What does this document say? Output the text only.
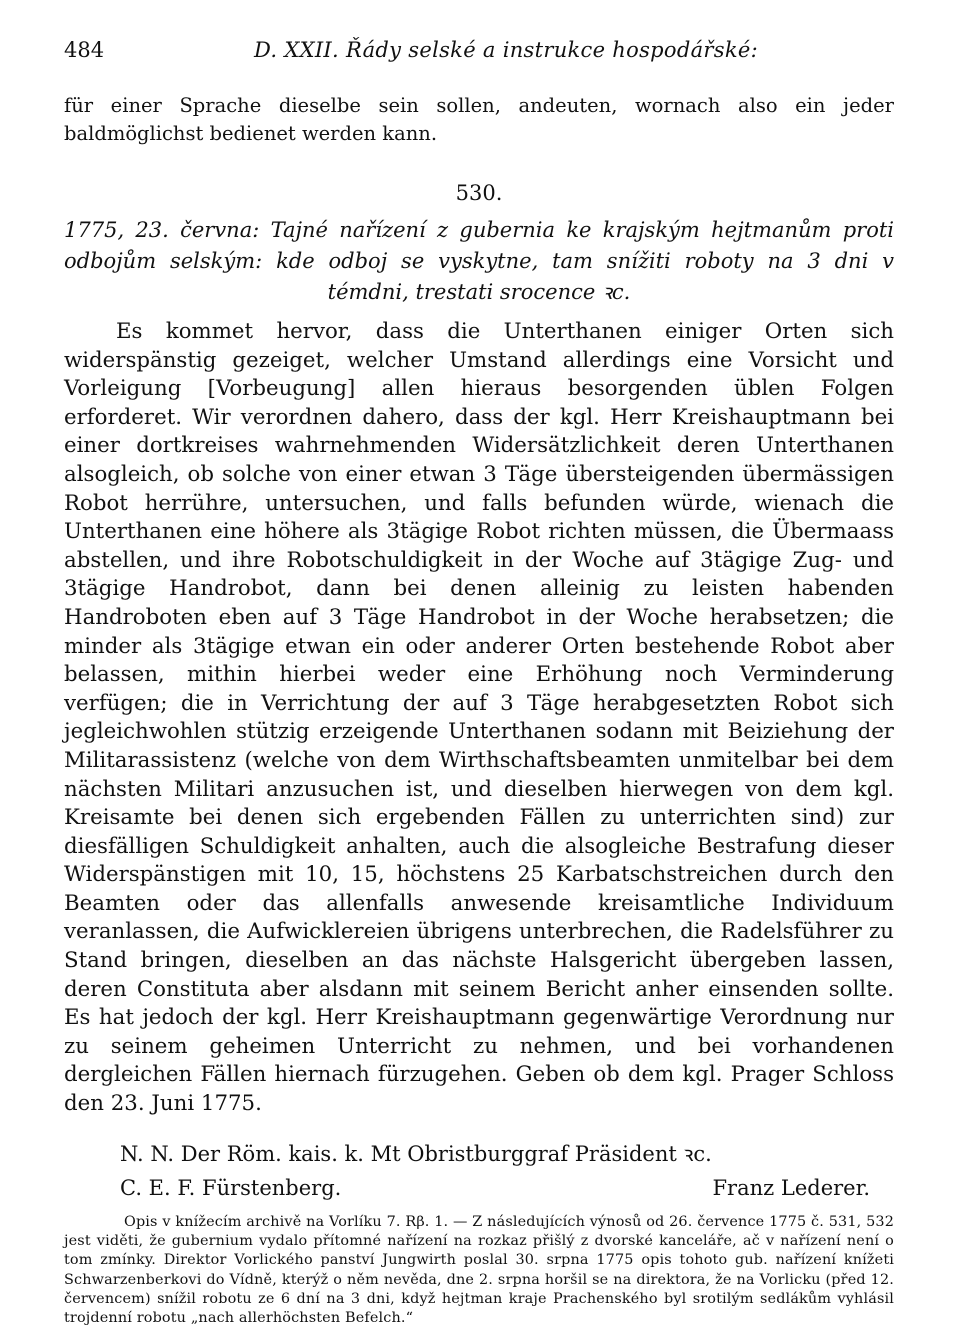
484	D. XXII. Řády selské a instrukce hospodářské:

für einer Sprache dieselbe sein sollen, andeuten, wornach also ein jeder baldmöglichst bedienet werden kann.

530.
1775, 23. června: Tajné nařízení z gubernia ke krajským hejtmanům proti odbojům selským: kde odboj se vyskytne, tam snížiti roboty na 3 dni v témdni, trestati srocence ꝛc.

Es kommet hervor, dass die Unterthanen einiger Orten sich widerspänstig gezeiget, welcher Umstand allerdings eine Vorsicht und Vorleigung [Vorbeugung] allen hieraus besorgenden üblen Folgen erforderet. Wir verordnen dahero, dass der kgl. Herr Kreishauptmann bei einer dortkreises wahrnehmenden Widersätzlichkeit deren Unterthanen alsogleich, ob solche von einer etwan 3 Täge übersteigenden übermässigen Robot herrühre, untersuchen, und falls befunden würde, wienach die Unterthanen eine höhere als 3tägige Robot richten müssen, die Übermaass abstellen, und ihre Robotschuldigkeit in der Woche auf 3tägige Zug- und 3tägige Handrobot, dann bei denen alleinig zu leisten habenden Handroboten eben auf 3 Täge Handrobot in der Woche herabsetzen; die minder als 3tägige etwan ein oder anderer Orten bestehende Robot aber belassen, mithin hierbei weder eine Erhöhung noch Verminderung verfügen; die in Verrichtung der auf 3 Täge herabgesetzten Robot sich jegleichwohlen stützig erzeigende Unterthanen sodann mit Beiziehung der Militarassistenz (welche von dem Wirthschaftsbeamten unmitelbar bei dem nächsten Militari anzusuchen ist, und dieselben hierwegen von dem kgl. Kreisamte bei denen sich ergebenden Fällen zu unterrichten sind) zur diesfälligen Schuldigkeit anhalten, auch die alsogleiche Bestrafung dieser Widerspänstigen mit 10, 15, höchstens 25 Karbatschstreichen durch den Beamten oder das allenfalls anwesende kreisamtliche Individuum veranlassen, die Aufwicklereien übrigens unterbrechen, die Radelsführer zu Stand bringen, dieselben an das nächste Halsgericht übergeben lassen, deren Constituta aber alsdann mit seinem Bericht anher einsenden sollte. Es hat jedoch der kgl. Herr Kreishauptmann gegenwärtige Verordnung nur zu seinem geheimen Unterricht zu nehmen, und bei vorhandenen dergleichen Fällen hiernach fürzugehen. Geben ob dem kgl. Prager Schloss den 23. Juni 1775.

N. N. Der Röm. kais. k. Mt Obristburggraf Präsident ꝛc.
C. E. F. Fürstenberg.	Franz Lederer.

Opis v knížecím archivě na Vorlíku 7. Rβ. 1. — Z následujících výnosů od 26. července 1775 č. 531, 532 jest viděti, že gubernium vydalo přítomné nařízení na rozkaz přišlý z dvorské kanceláře, ač v nařízení není o tom zmínky. Direktor Vorlického panství Jungwirth poslal 30. srpna 1775 opis tohoto gub. nařízení knížeti Schwarzenberkovi do Vídně, kterýž o něm nevěda, dne 2. srpna horšil se na direktora, že na Vorlicku (před 12. červencem) snížil robotu ze 6 dní na 3 dni, když hejtman kraje Prachenského byl srotilým sedlákům vyhlásil trojdenní robotu „nach allerhöchsten Befelch.“
